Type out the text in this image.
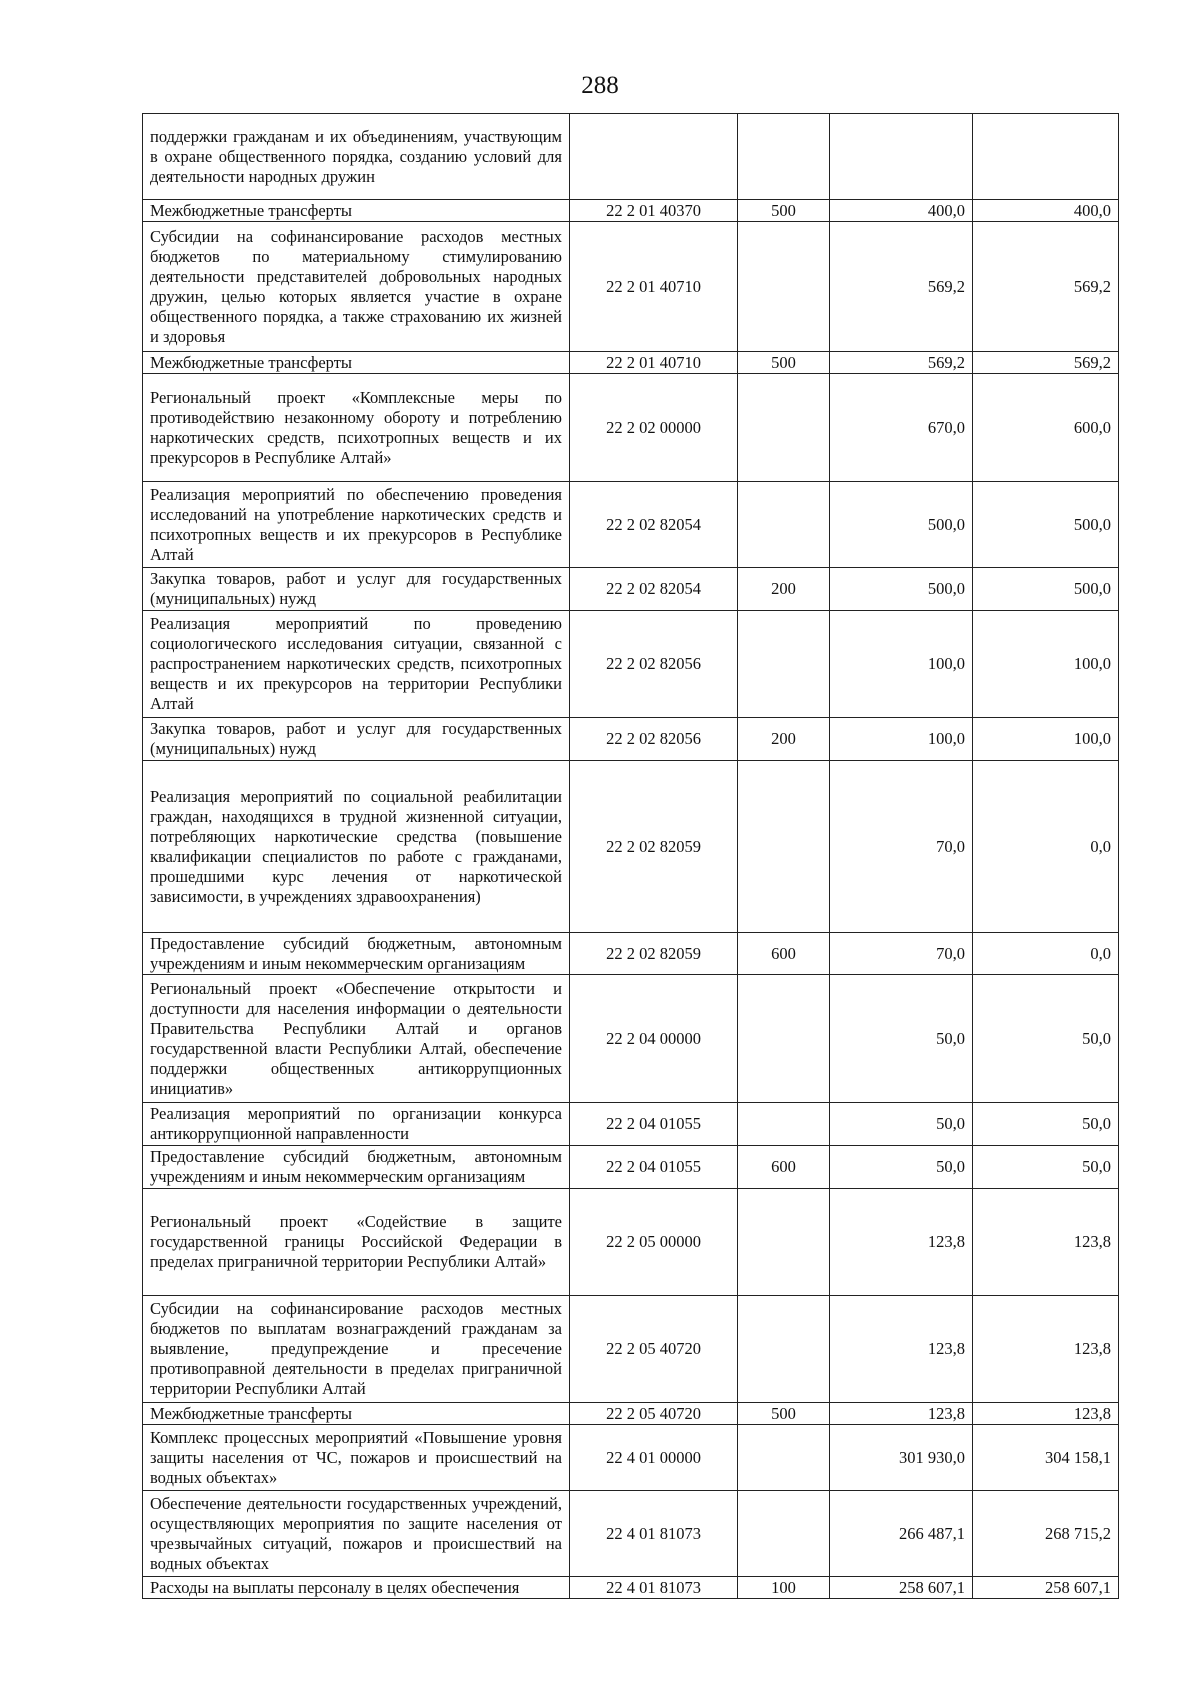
288
поддержки гражданам и их объединениям, участвующим в охране общественного порядка, созданию условий для деятельности народных дружин				
Межбюджетные трансферты	22 2 01 40370	500	400,0	400,0
Субсидии на софинансирование расходов местных бюджетов по материальному стимулированию деятельности представителей добровольных народных дружин, целью которых является участие в охране общественного порядка, а также страхованию их жизней и здоровья	22 2 01 40710		569,2	569,2
Межбюджетные трансферты	22 2 01 40710	500	569,2	569,2
Региональный проект «Комплексные меры по противодействию незаконному обороту и потреблению наркотических средств, психотропных веществ и их прекурсоров в Республике Алтай»	22 2 02 00000		670,0	600,0
Реализация мероприятий по обеспечению проведения исследований на употребление наркотических средств и психотропных веществ и их прекурсоров в Республике Алтай	22 2 02 82054		500,0	500,0
Закупка товаров, работ и услуг для государственных (муниципальных) нужд	22 2 02 82054	200	500,0	500,0
Реализация мероприятий по проведению социологического исследования ситуации, связанной с распространением наркотических средств, психотропных веществ и их прекурсоров на территории Республики Алтай	22 2 02 82056		100,0	100,0
Закупка товаров, работ и услуг для государственных (муниципальных) нужд	22 2 02 82056	200	100,0	100,0
Реализация мероприятий по социальной реабилитации граждан, находящихся в трудной жизненной ситуации, потребляющих наркотические средства (повышение квалификации специалистов по работе с гражданами, прошедшими курс лечения от наркотической зависимости, в учреждениях здравоохранения)	22 2 02 82059		70,0	0,0
Предоставление субсидий бюджетным, автономным учреждениям и иным некоммерческим организациям	22 2 02 82059	600	70,0	0,0
Региональный проект «Обеспечение открытости и доступности для населения информации о деятельности Правительства Республики Алтай и органов государственной власти Республики Алтай, обеспечение поддержки общественных антикоррупционных инициатив»	22 2 04 00000		50,0	50,0
Реализация мероприятий по организации конкурса антикоррупционной направленности	22 2 04 01055		50,0	50,0
Предоставление субсидий бюджетным, автономным учреждениям и иным некоммерческим организациям	22 2 04 01055	600	50,0	50,0
Региональный проект «Содействие в защите государственной границы Российской Федерации в пределах приграничной территории Республики Алтай»	22 2 05 00000		123,8	123,8
Субсидии на софинансирование расходов местных бюджетов по выплатам вознаграждений гражданам за выявление, предупреждение и пресечение противоправной деятельности в пределах приграничной территории Республики Алтай	22 2 05 40720		123,8	123,8
Межбюджетные трансферты	22 2 05 40720	500	123,8	123,8
Комплекс процессных мероприятий «Повышение уровня защиты населения от ЧС, пожаров и происшествий на водных объектах»	22 4 01 00000		301 930,0	304 158,1
Обеспечение деятельности государственных учреждений, осуществляющих мероприятия по защите населения от чрезвычайных ситуаций, пожаров и происшествий на водных объектах	22 4 01 81073		266 487,1	268 715,2
Расходы на выплаты персоналу в целях обеспечения	22 4 01 81073	100	258 607,1	258 607,1
